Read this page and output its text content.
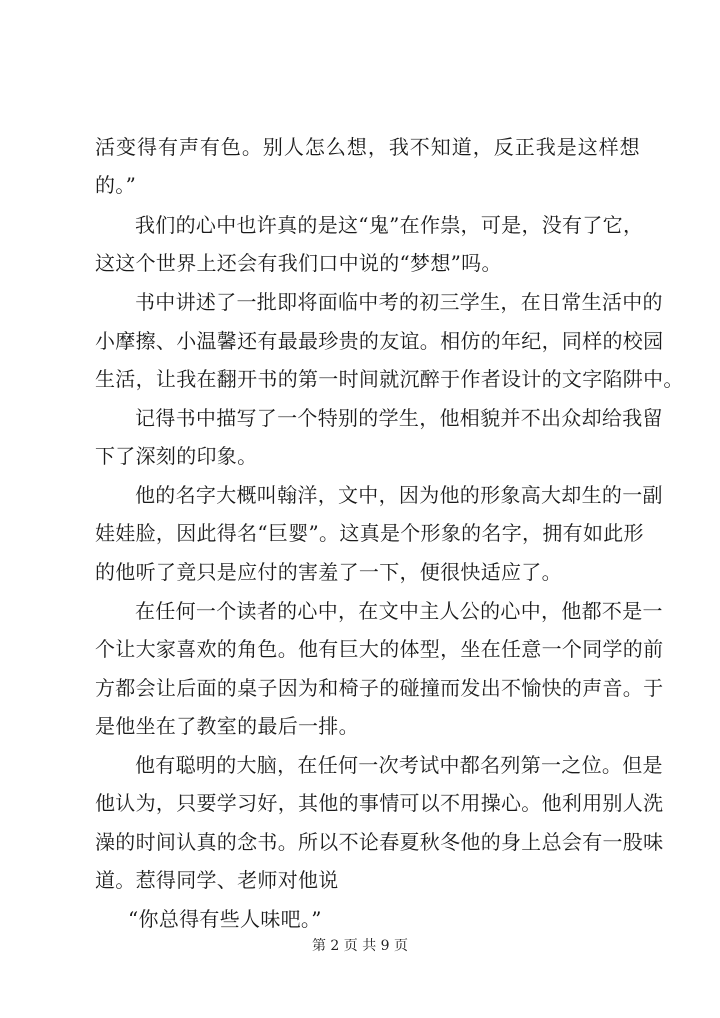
活变得有声有色。别人怎么想，我不知道，反正我是这样想
的。”
我们的心中也许真的是这“鬼”在作祟，可是，没有了它，
这这个世界上还会有我们口中说的“梦想”吗。
书中讲述了一批即将面临中考的初三学生，在日常生活中的
小摩擦、小温馨还有最最珍贵的友谊。相仿的年纪，同样的校园
生活，让我在翻开书的第一时间就沉醉于作者设计的文字陷阱中。
记得书中描写了一个特别的学生，他相貌并不出众却给我留
下了深刻的印象。
他的名字大概叫翰洋，文中，因为他的形象高大却生的一副
娃娃脸，因此得名“巨婴”。这真是个形象的名字，拥有如此形
的他听了竟只是应付的害羞了一下，便很快适应了。
在任何一个读者的心中，在文中主人公的心中，他都不是一
个让大家喜欢的角色。他有巨大的体型，坐在任意一个同学的前
方都会让后面的桌子因为和椅子的碰撞而发出不愉快的声音。于
是他坐在了教室的最后一排。
他有聪明的大脑，在任何一次考试中都名列第一之位。但是
他认为，只要学习好，其他的事情可以不用操心。他利用别人洗
澡的时间认真的念书。所以不论春夏秋冬他的身上总会有一股味
道。惹得同学、老师对他说
“你总得有些人味吧。”
第 2 页 共 9 页
